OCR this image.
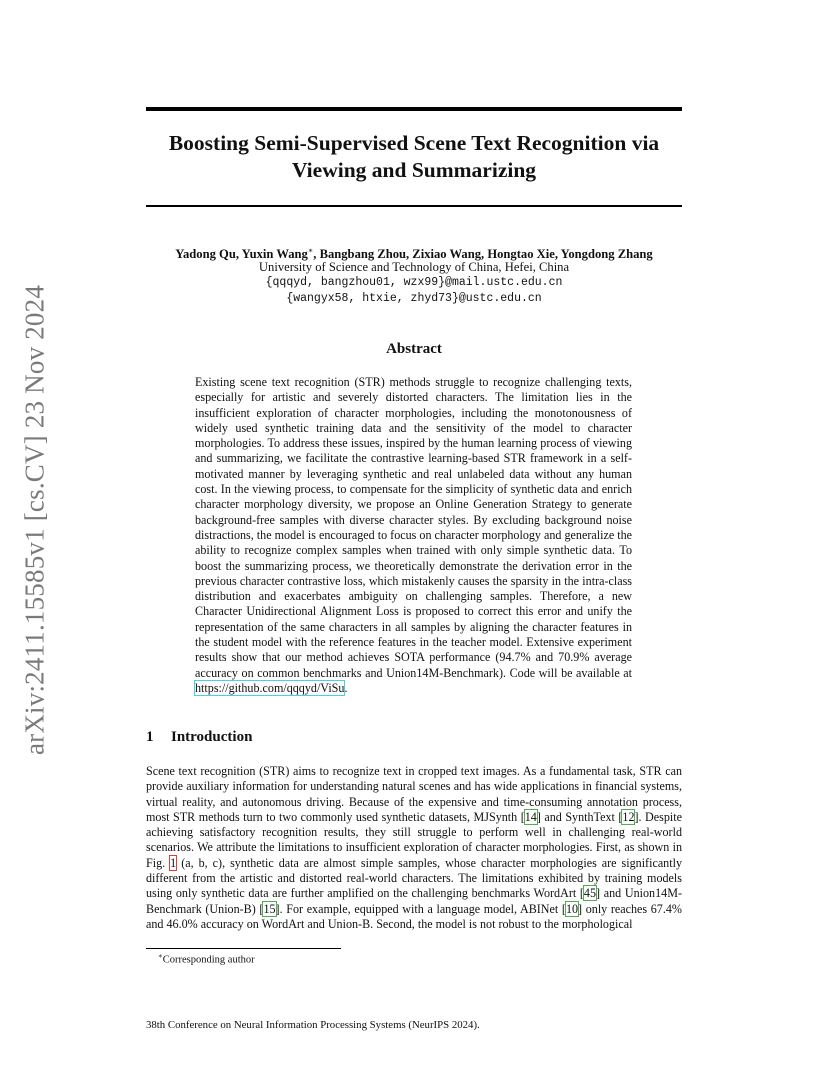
arXiv:2411.15585v1 [cs.CV] 23 Nov 2024
Boosting Semi-Supervised Scene Text Recognition via
Viewing and Summarizing
Yadong Qu, Yuxin Wang∗, Bangbang Zhou, Zixiao Wang, Hongtao Xie, Yongdong Zhang
University of Science and Technology of China, Hefei, China
{qqqyd, bangzhou01, wzx99}@mail.ustc.edu.cn
{wangyx58, htxie, zhyd73}@ustc.edu.cn
Abstract
Existing scene text recognition (STR) methods struggle to recognize challenging texts, especially for artistic and severely distorted characters. The limitation lies in the insufficient exploration of character morphologies, including the monotonousness of widely used synthetic training data and the sensitivity of the model to character morphologies. To address these issues, inspired by the human learning process of viewing and summarizing, we facilitate the contrastive learning-based STR framework in a self-motivated manner by leveraging synthetic and real unlabeled data without any human cost. In the viewing process, to compensate for the simplicity of synthetic data and enrich character morphology diversity, we propose an Online Generation Strategy to generate background-free samples with diverse character styles. By excluding background noise distractions, the model is encouraged to focus on character morphology and generalize the ability to recognize complex samples when trained with only simple synthetic data. To boost the summarizing process, we theoretically demonstrate the derivation error in the previous character contrastive loss, which mistakenly causes the sparsity in the intra-class distribution and exacerbates ambiguity on challenging samples. Therefore, a new Character Unidirectional Alignment Loss is proposed to correct this error and unify the representation of the same characters in all samples by aligning the character features in the student model with the reference features in the teacher model. Extensive experiment results show that our method achieves SOTA performance (94.7% and 70.9% average accuracy on common benchmarks and Union14M-Benchmark). Code will be available at https://github.com/qqqyd/ViSu.
1 Introduction
Scene text recognition (STR) aims to recognize text in cropped text images. As a fundamental task, STR can provide auxiliary information for understanding natural scenes and has wide applications in financial systems, virtual reality, and autonomous driving. Because of the expensive and time-consuming annotation process, most STR methods turn to two commonly used synthetic datasets, MJSynth [14] and SynthText [12]. Despite achieving satisfactory recognition results, they still struggle to perform well in challenging real-world scenarios. We attribute the limitations to insufficient exploration of character morphologies. First, as shown in Fig. 1 (a, b, c), synthetic data are almost simple samples, whose character morphologies are significantly different from the artistic and distorted real-world characters. The limitations exhibited by training models using only synthetic data are further amplified on the challenging benchmarks WordArt [45] and Union14M-Benchmark (Union-B) [15]. For example, equipped with a language model, ABINet [10] only reaches 67.4% and 46.0% accuracy on WordArt and Union-B. Second, the model is not robust to the morphological
∗Corresponding author
38th Conference on Neural Information Processing Systems (NeurIPS 2024).
